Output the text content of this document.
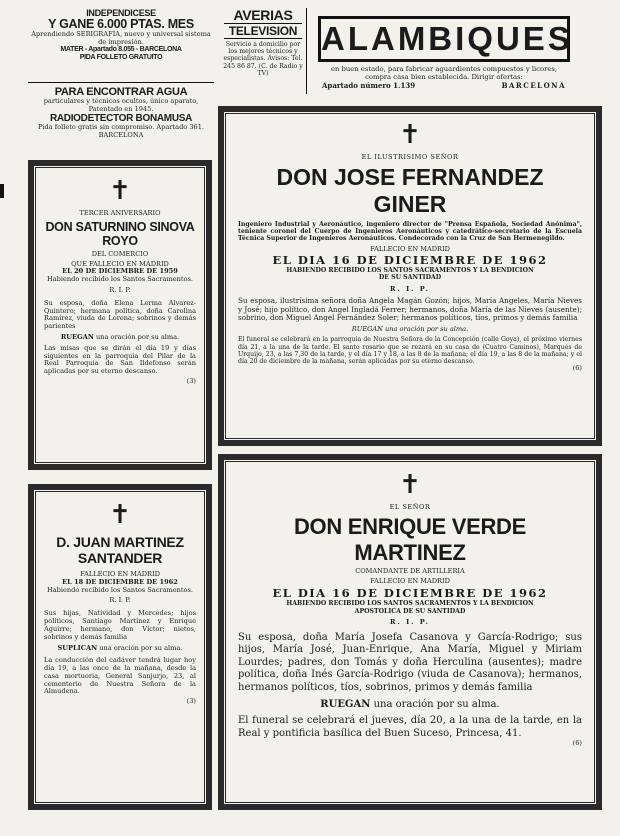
INDEPENDICESE
Y GANE 6.000 PTAS. MES
Aprendiendo SERIGRAFIA, nuevo y universal sistema de impresión.
MATER - Apartado 8.055 - BARCELONA
PIDA FOLLETO GRATUITO
PARA ENCONTRAR AGUA
particulares y técnicos ocultos, único aparato, Patentado en 1945.
RADIODETECTOR BONAMUSA
Pida folleto gratis sin compromiso. Apartado 361. BARCELONA
AVERIAS
TELEVISION
Servicio a domicilio por los mejores técnicos y especialistas. Avisos: Tel. 245 86 87. (C. de Radio y TV)
ALAMBIQUES
en buen estado, para fabricar aguardientes compuestos y licores, compra casa bien establecida. Dirigir ofertas:
Apartado número 1.139	BARCELONA
✝
TERCER ANIVERSARIO
DON SATURNINO SINOVA
ROYO
DEL COMERCIO
QUE FALLECIO EN MADRID
EL 20 DE DICIEMBRE DE 1959
Habiendo recibido los Santos Sacramentos.
R. I. P.
Su esposa, doña Elena Lerma Alvarez-Quintero; hermana política, doña Carolina Ramírez, viuda de Lorena; sobrinos y demás parientes
RUEGAN una oración por su alma.
Las misas que se dirán el día 19 y días siguientes en la parroquia del Pilar de la Real Parroquia de San Ildefonso serán aplicadas por su eterno descanso.
(3)
✝
D. JUAN MARTINEZ
SANTANDER
FALLECIO EN MADRID
EL 18 DE DICIEMBRE DE 1962
Habiendo recibido los Santos Sacramentos.
R. I. P.
Sus hijas, Natividad y Mercedes; hijos políticos, Santiago Martínez y Enrique Aguirre; hermano, don Víctor; nietos, sobrinos y demás familia
SUPLICAN una oración por su alma.
La conducción del cadáver tendrá lugar hoy día 19, a las once de la mañana, desde la casa mortuoria, General Sanjurjo, 23, al cementerio de Nuestra Señora de la Almudena.
(3)
✝
EL ILUSTRISIMO SEÑOR
DON JOSE FERNANDEZ GINER
Ingeniero Industrial y Aeronáutico, ingeniero director de "Prensa Española, Sociedad Anónima", teniente coronel del Cuerpo de Ingenieros Aeronáuticos y catedrático-secretario de la Escuela Técnica Superior de Ingenieros Aeronáuticos. Condecorado con la Cruz de San Hermenegildo.
FALLECIO EN MADRID
EL DIA 16 DE DICIEMBRE DE 1962
HABIENDO RECIBIDO LOS SANTOS SACRAMENTOS Y LA BENDICION
DE SU SANTIDAD
R. I. P.
Su esposa, ilustrísima señora doña Angela Magán Gozón; hijos, María Angeles, María Nieves y José; hijo político, don Angel Ingladá Ferrer; hermanos, doña María de las Nieves (ausente); sobrino, don Miguel Angel Fernández Soler; hermanos políticos, tíos, primos y demás familia
RUEGAN una oración por su alma.
El funeral se celebrará en la parroquia de Nuestra Señora de la Concepción (calle Goya), el próximo viernes día 21, a la una de la tarde. El santo rosario que se rezará en su casa de (Cuatro Caminos), Marqués de Urquijo, 23, a las 7,30 de la tarde, y el día 17 y 18, a las 8 de la mañana; el día 19, a las 8 de la mañana; y el día 20 de diciembre de la mañana, serán aplicadas por su eterno descanso.
(6)
✝
EL SEÑOR
DON ENRIQUE VERDE MARTINEZ
COMANDANTE DE ARTILLERIA
FALLECIO EN MADRID
EL DIA 16 DE DICIEMBRE DE 1962
HABIENDO RECIBIDO LOS SANTOS SACRAMENTOS Y LA BENDICION
APOSTOLICA DE SU SANTIDAD
R. I. P.
Su esposa, doña María Josefa Casanova y García-Rodrigo; sus hijos, María José, Juan-Enrique, Ana María, Miguel y Miriam Lourdes; padres, don Tomás y doña Herculina (ausentes); madre política, doña Inés García-Rodrigo (viuda de Casanova); hermanos, hermanos políticos, tíos, sobrinos, primos y demás familia
RUEGAN una oración por su alma.
El funeral se celebrará el jueves, día 20, a la una de la tarde, en la Real y pontificia basílica del Buen Suceso, Princesa, 41.
(6)
